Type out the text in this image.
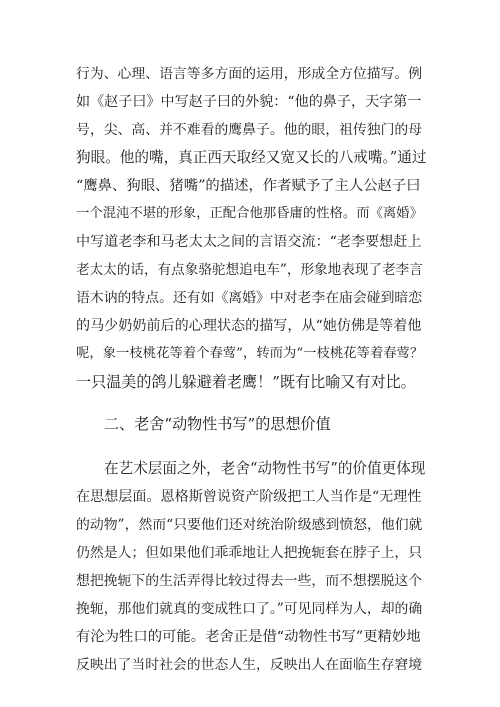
行为、心理、语言等多方面的运用，形成全方位描写。例
如《赵子曰》中写赵子曰的外貌：“他的鼻子，天字第一
号，尖、高、并不难看的鹰鼻子。他的眼，祖传独门的母
狗眼。他的嘴，真正西天取经又宽又长的八戒嘴。”通过
“鹰鼻、狗眼、猪嘴”的描述，作者赋予了主人公赵子曰
一个混沌不堪的形象，正配合他那昏庸的性格。而《离婚》
中写道老李和马老太太之间的言语交流：“老李要想赶上
老太太的话，有点象骆驼想追电车”，形象地表现了老李言
语木讷的特点。还有如《离婚》中对老李在庙会碰到暗恋
的马少奶奶前后的心理状态的描写，从“她仿佛是等着他
呢，象一枝桃花等着个春莺”，转而为“一枝桃花等着春莺？
一只温美的鸽儿躲避着老鹰！”既有比喻又有对比。
二、老舍“动物性书写”的思想价值
在艺术层面之外，老舍“动物性书写”的价值更体现
在思想层面。恩格斯曾说资产阶级把工人当作是“无理性
的动物”，然而“只要他们还对统治阶级感到愤怒，他们就
仍然是人；但如果他们乖乖地让人把挽轭套在脖子上，只
想把挽轭下的生活弄得比较过得去一些，而不想摆脱这个
挽轭，那他们就真的变成牲口了。”可见同样为人，却的确
有沦为牲口的可能。老舍正是借“动物性书写”更精妙地
反映出了当时社会的世态人生，反映出人在面临生存窘境
